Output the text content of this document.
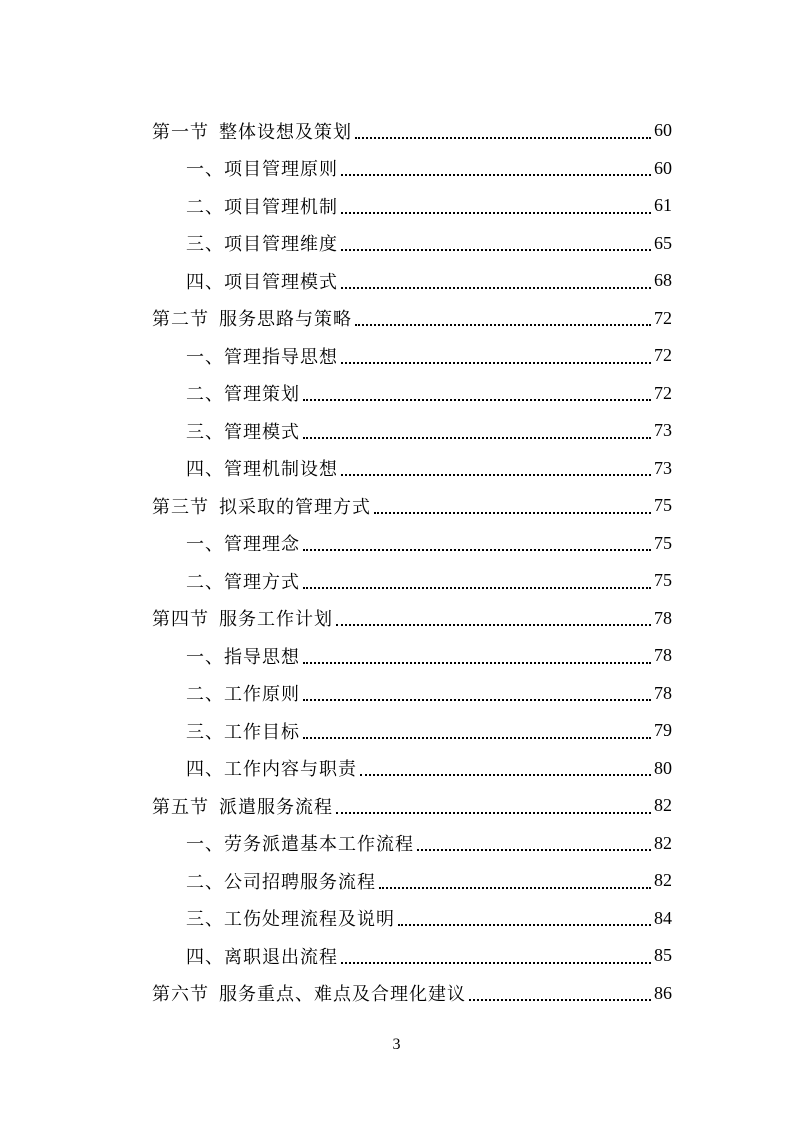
第一节 整体设想及策划	60
一、 项目管理原则	60
二、 项目管理机制	61
三、 项目管理维度	65
四、 项目管理模式	68
第二节 服务思路与策略	72
一、 管理指导思想	72
二、 管理策划	72
三、 管理模式	73
四、 管理机制设想	73
第三节 拟采取的管理方式	75
一、 管理理念	75
二、 管理方式	75
第四节 服务工作计划	78
一、 指导思想	78
二、 工作原则	78
三、 工作目标	79
四、 工作内容与职责	80
第五节 派遣服务流程	82
一、 劳务派遣基本工作流程	82
二、 公司招聘服务流程	82
三、 工伤处理流程及说明	84
四、 离职退出流程	85
第六节 服务重点、难点及合理化建议	86
3
